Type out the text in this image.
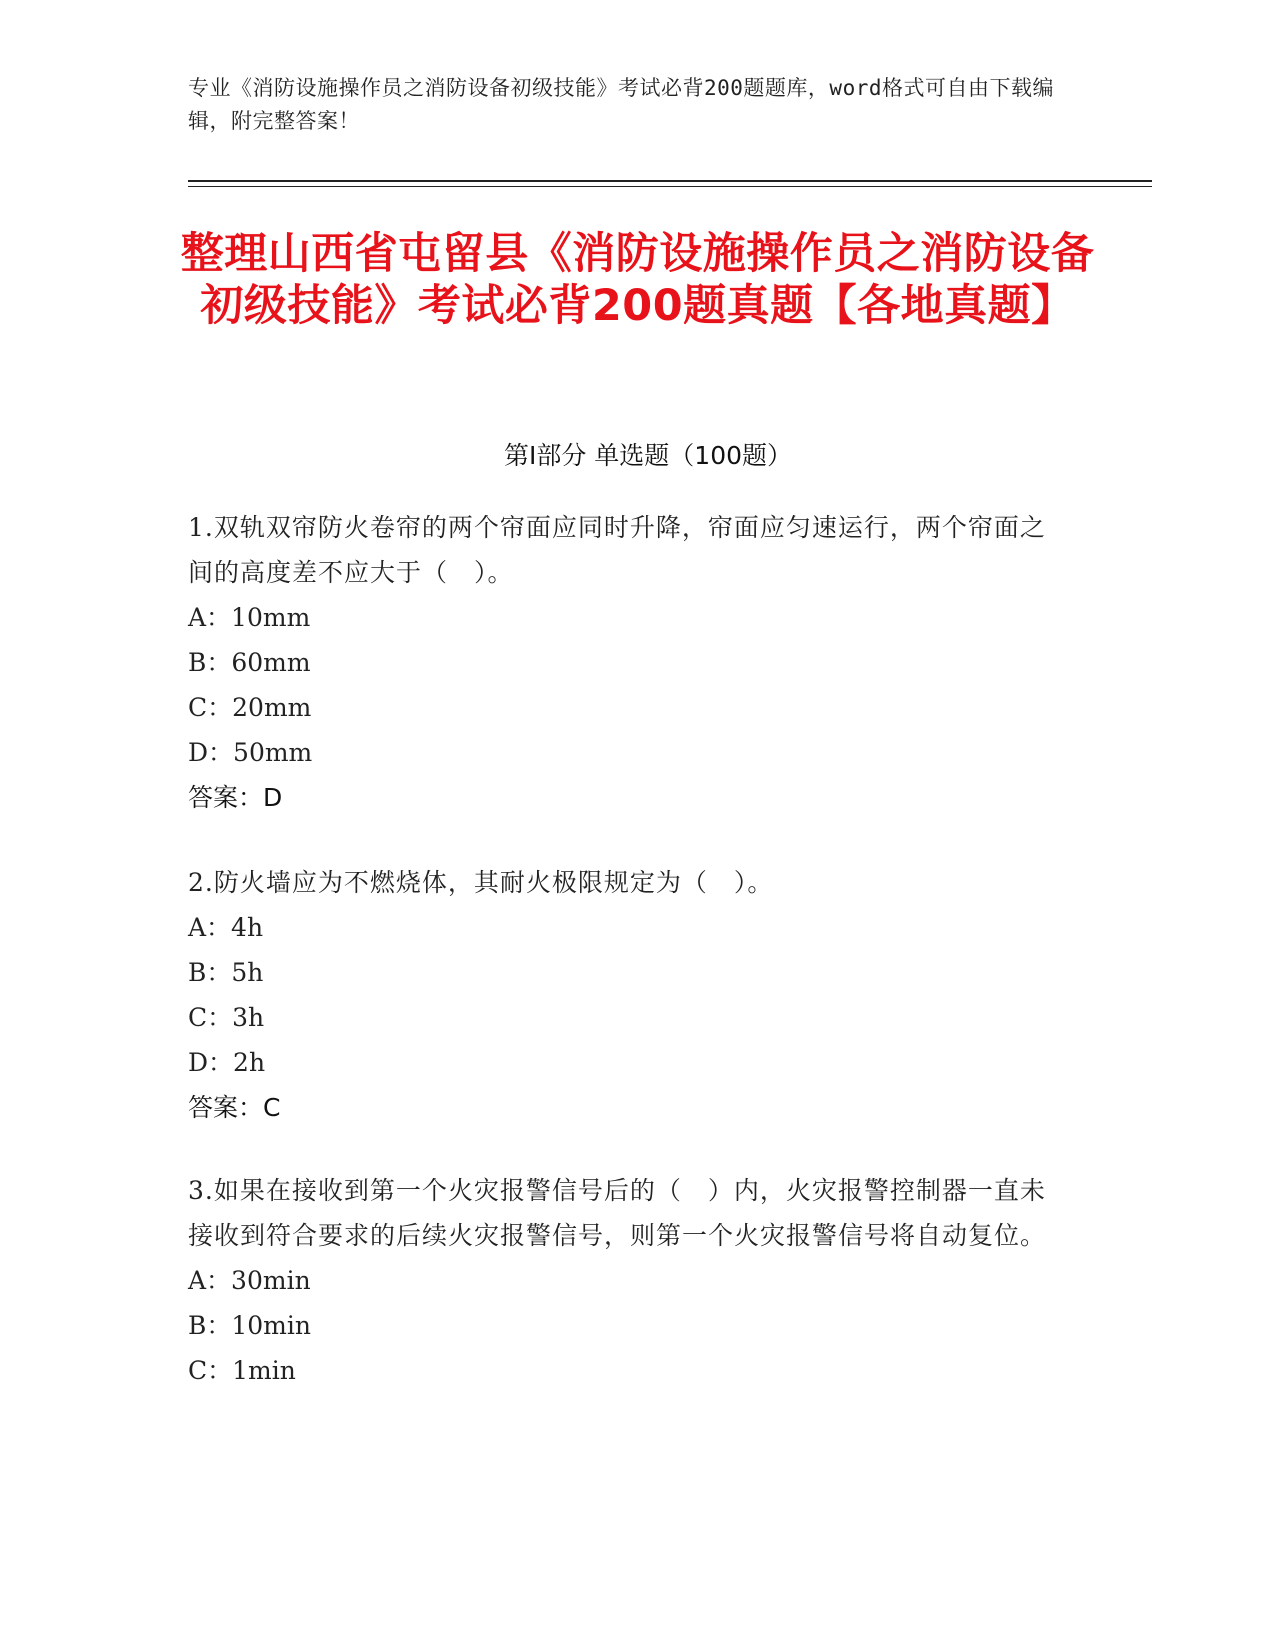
专业《消防设施操作员之消防设备初级技能》考试必背200题题库，word格式可自由下载编辑，附完整答案！
整理山西省屯留县《消防设施操作员之消防设备初级技能》考试必背200题真题【各地真题】
第Ⅰ部分 单选题（100题）
1.双轨双帘防火卷帘的两个帘面应同时升降，帘面应匀速运行，两个帘面之间的高度差不应大于（　）。
A：10mm
B：60mm
C：20mm
D：50mm
答案：D
2.防火墙应为不燃烧体，其耐火极限规定为（　）。
A：4h
B：5h
C：3h
D：2h
答案：C
3.如果在接收到第一个火灾报警信号后的（　）内，火灾报警控制器一直未接收到符合要求的后续火灾报警信号，则第一个火灾报警信号将自动复位。
A：30min
B：10min
C：1min
